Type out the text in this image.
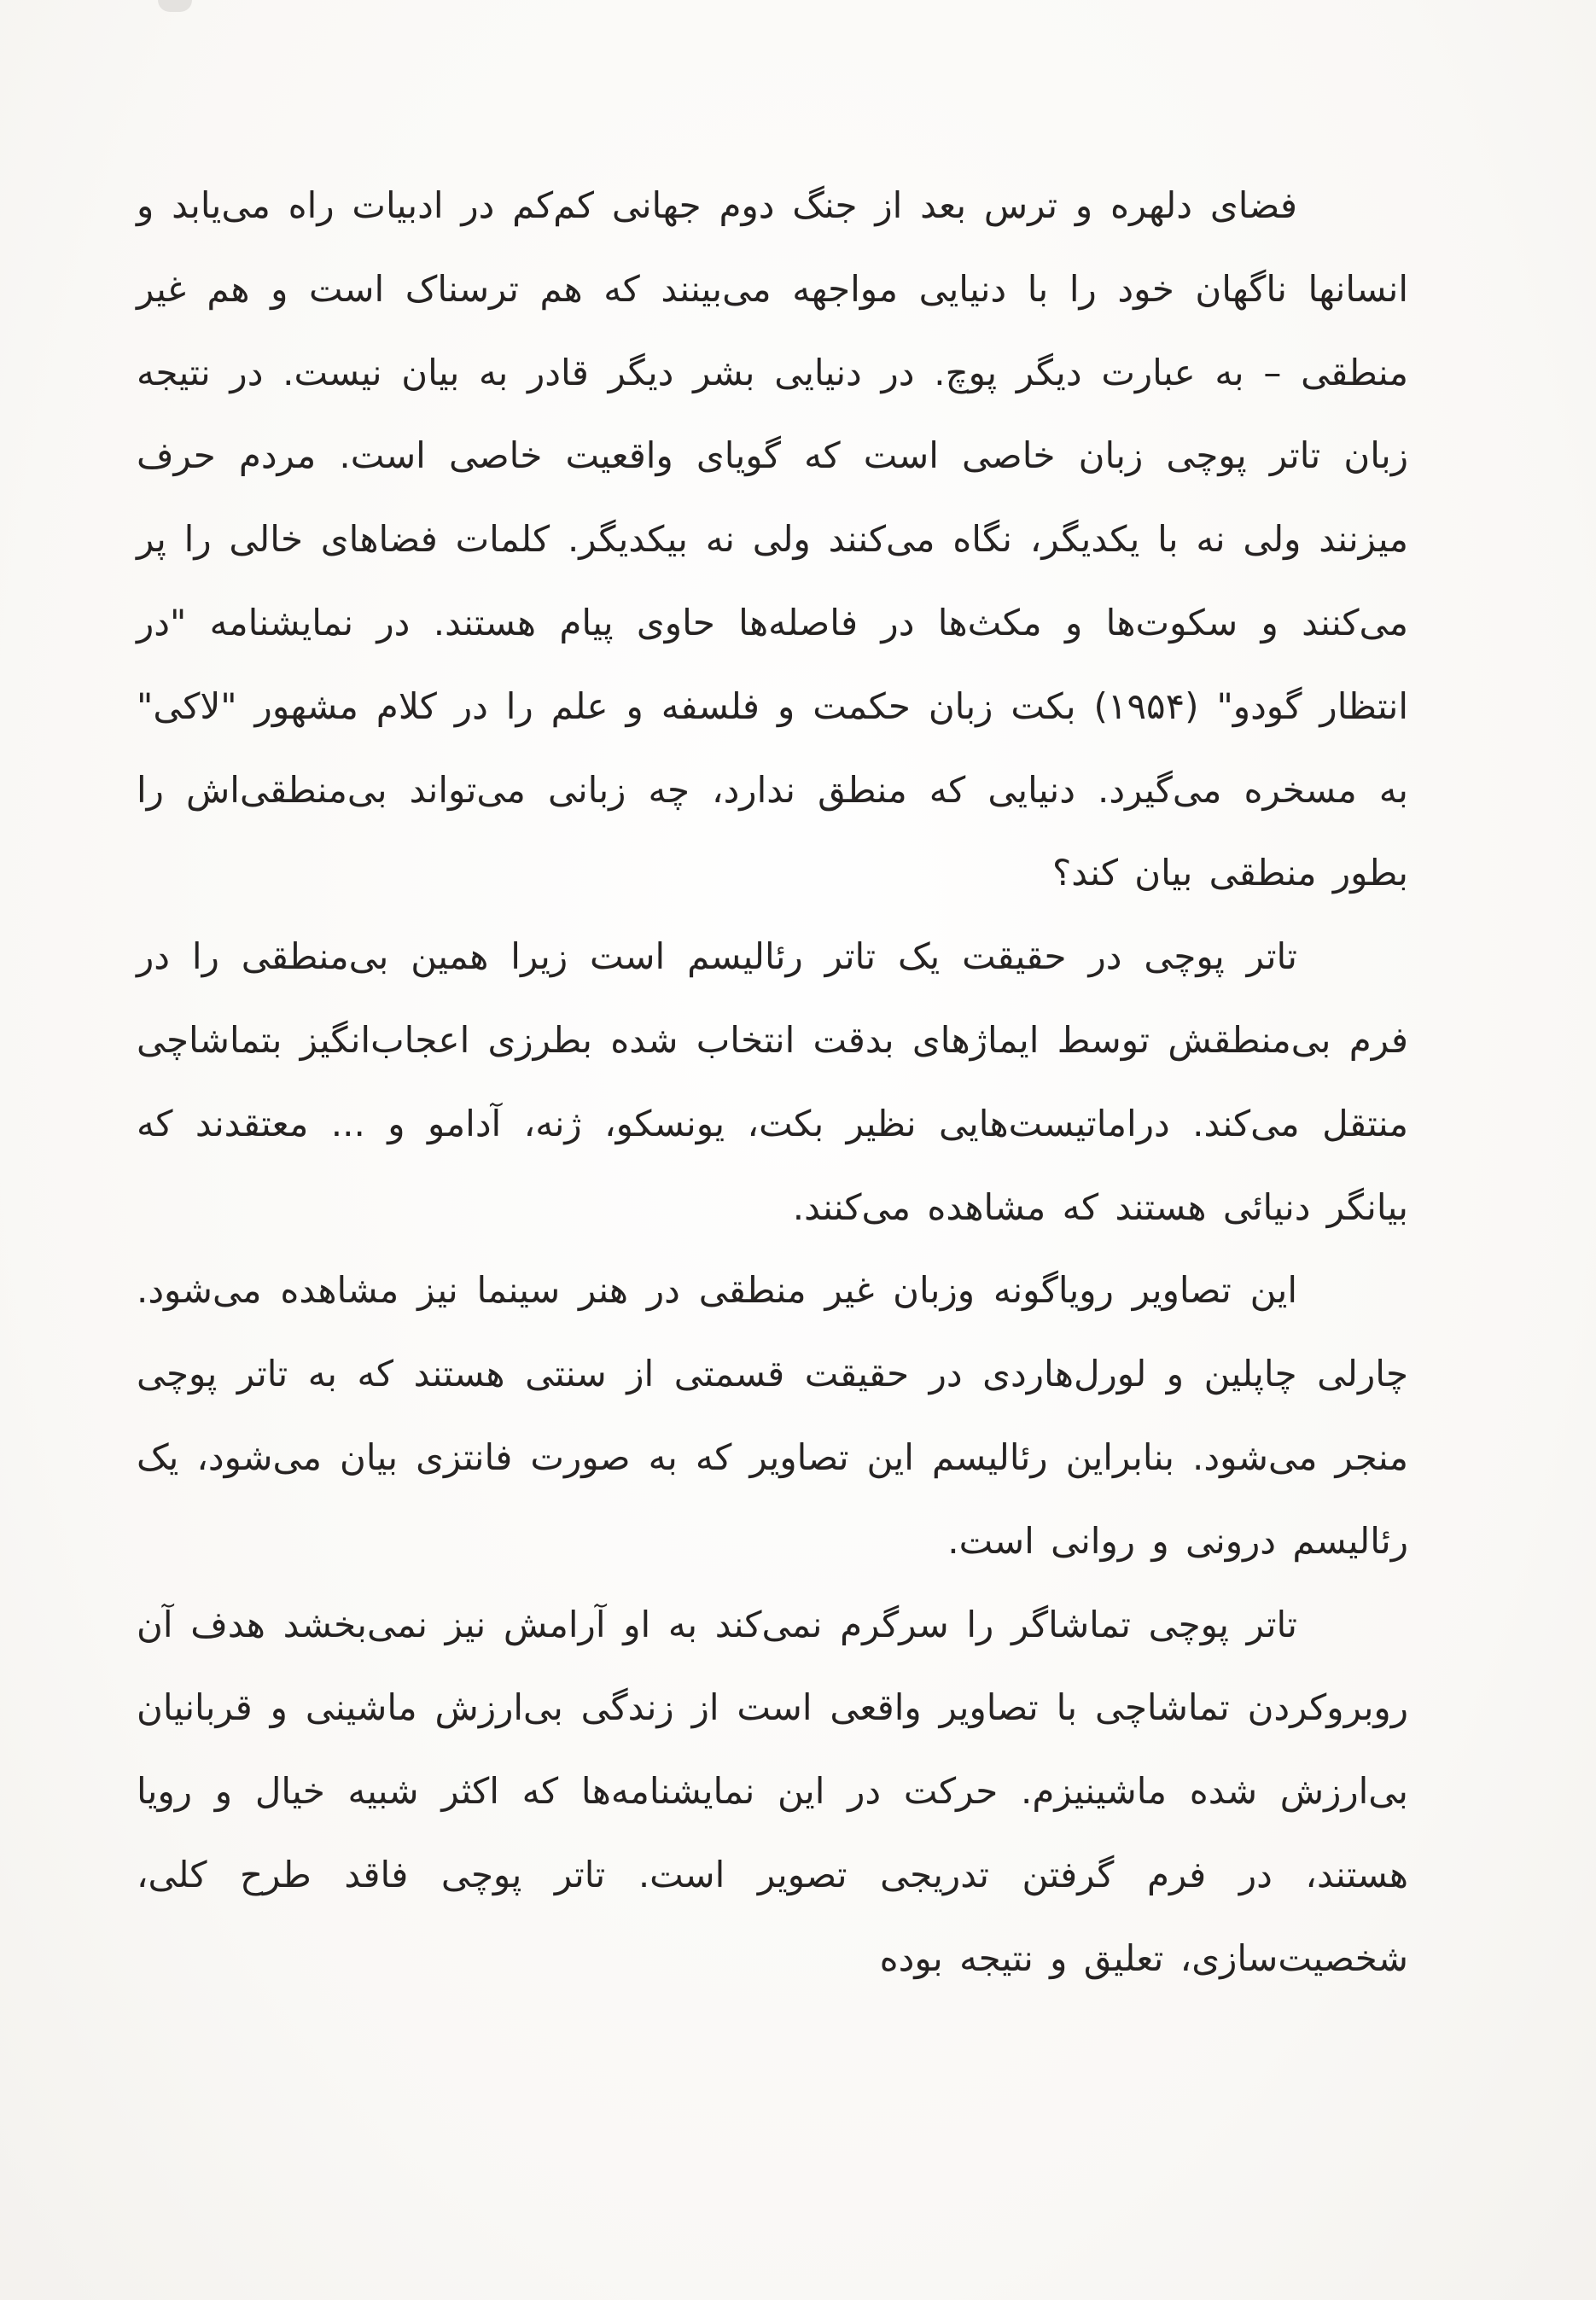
فضای دلهره و ترس بعد از جنگ دوم جهانی کم‌کم در ادبیات راه می‌یابد و انسانها ناگهان خود را با دنیایی مواجهه می‌بینند که هم ترسناک است و هم غیر منطقی – به عبارت دیگر پوچ. در دنیایی بشر دیگر قادر به بیان نیست. در نتیجه زبان تاتر پوچی زبان خاصی است که گویای واقعیت خاصی است. مردم حرف میزنند ولی نه با یکدیگر، نگاه می‌کنند ولی نه بیکدیگر. کلمات فضاهای خالی را پر می‌کنند و سکوت‌ها و مکث‌ها در فاصله‌ها حاوی پیام هستند. در نمایشنامه "در انتظار گودو" (۱۹۵۴) بکت زبان حکمت و فلسفه و علم را در کلام مشهور "لاکی" به مسخره می‌گیرد. دنیایی که منطق ندارد، چه زبانی می‌تواند بی‌منطقی‌اش را بطور منطقی بیان کند؟

تاتر پوچی در حقیقت یک تاتر رئالیسم است زیرا همین بی‌منطقی را در فرم بی‌منطقش توسط ایماژهای بدقت انتخاب شده بطرزی اعجاب‌انگیز بتماشاچی منتقل می‌کند. دراماتیست‌هایی نظیر بکت، یونسکو، ژنه، آدامو و ... معتقدند که بیانگر دنیائی هستند که مشاهده می‌کنند.

این تصاویر رویاگونه وزبان غیر منطقی در هنر سینما نیز مشاهده می‌شود. چارلی چاپلین و لورل‌هاردی در حقیقت قسمتی از سنتی هستند که به تاتر پوچی منجر می‌شود. بنابراین رئالیسم این تصاویر که به صورت فانتزی بیان می‌شود، یک رئالیسم درونی و روانی است.

تاتر پوچی تماشاگر را سرگرم نمی‌کند به او آرامش نیز نمی‌بخشد هدف آن روبروکردن تماشاچی با تصاویر واقعی است از زندگی بی‌ارزش ماشینی و قربانیان بی‌ارزش شده ماشینیزم. حرکت در این نمایشنامه‌ها که اکثر شبیه خیال و رویا هستند، در فرم گرفتن تدریجی تصویر است. تاتر پوچی فاقد طرح کلی، شخصیت‌سازی، تعلیق و نتیجه بوده
